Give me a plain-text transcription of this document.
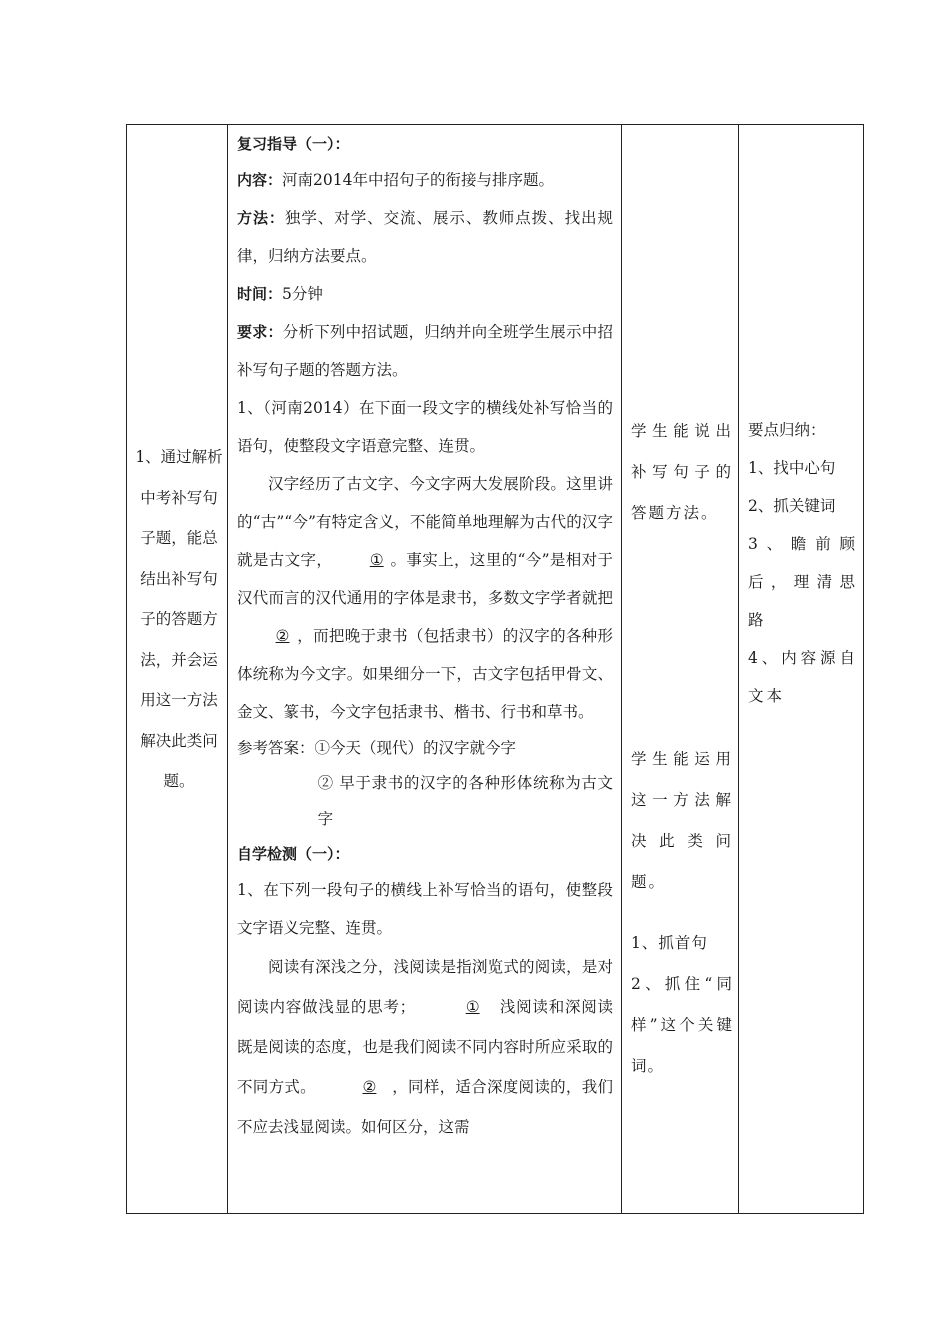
1、通过解析中考补写句子题，能总结出补写句子的答题方法，并会运用这一方法解决此类问题。

复习指导（一）：

内容：河南2014年中招句子的衔接与排序题。

方法：独学、对学、交流、展示、教师点拨、找出规律，归纳方法要点。

时间：5分钟

要求：分析下列中招试题，归纳并向全班学生展示中招补写句子题的答题方法。

1、（河南2014）在下面一段文字的横线处补写恰当的语句，使整段文字语意完整、连贯。

汉字经历了古文字、今文字两大发展阶段。这里讲的“古”“今”有特定含义，不能简单地理解为古代的汉字就是古文字， ① 。事实上，这里的“今”是相对于汉代而言的汉代通用的字体是隶书，多数文字学者就把② ，而把晚于隶书（包括隶书）的汉字的各种形体统称为今文字。如果细分一下，古文字包括甲骨文、金文、篆书，今文字包括隶书、楷书、行书和草书。

参考答案：①今天（现代）的汉字就今字

② 早于隶书的汉字的各种形体统称为古文字

自学检测（一）：

1、在下列一段句子的横线上补写恰当的语句，使整段文字语义完整、连贯。

阅读有深浅之分，浅阅读是指浏览式的阅读，是对阅读内容做浅显的思考；	① 浅阅读和深阅读既是阅读的态度，也是我们阅读不同内容时所应采取的不同方式。	② ，同样，适合深度阅读的，我们不应去浅显阅读。如何区分，这需

学生能说出补写句子的答题方法。

学生能运用这一方法解决此类问题。

1、抓首句
2、抓住“同样”这个关键词。

要点归纳：
1、找中心句
2、抓关键词
3、瞻前顾后，理清思路
4、内容源自文本
